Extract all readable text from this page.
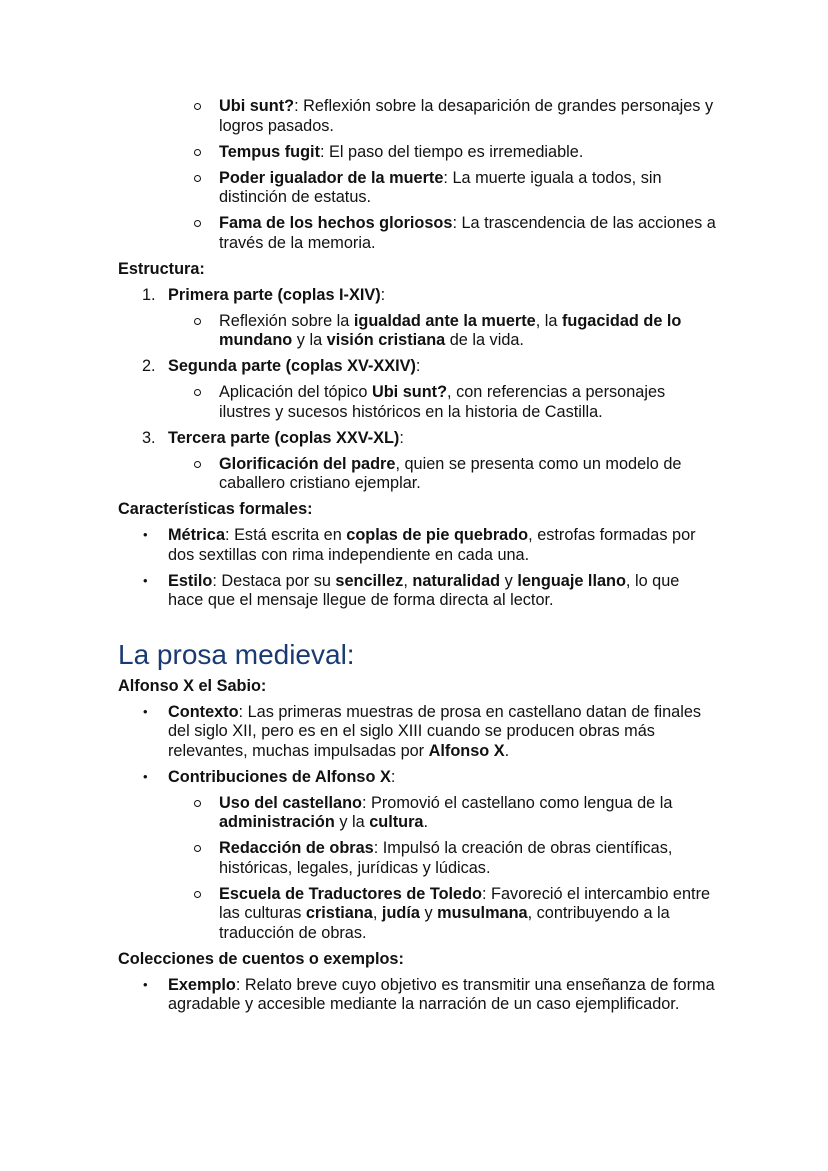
Ubi sunt?: Reflexión sobre la desaparición de grandes personajes y logros pasados.
Tempus fugit: El paso del tiempo es irremediable.
Poder igualador de la muerte: La muerte iguala a todos, sin distinción de estatus.
Fama de los hechos gloriosos: La trascendencia de las acciones a través de la memoria.
Estructura:
1. Primera parte (coplas I-XIV):
Reflexión sobre la igualdad ante la muerte, la fugacidad de lo mundano y la visión cristiana de la vida.
2. Segunda parte (coplas XV-XXIV):
Aplicación del tópico Ubi sunt?, con referencias a personajes ilustres y sucesos históricos en la historia de Castilla.
3. Tercera parte (coplas XXV-XL):
Glorificación del padre, quien se presenta como un modelo de caballero cristiano ejemplar.
Características formales:
• Métrica: Está escrita en coplas de pie quebrado, estrofas formadas por dos sextillas con rima independiente en cada una.
• Estilo: Destaca por su sencillez, naturalidad y lenguaje llano, lo que hace que el mensaje llegue de forma directa al lector.
La prosa medieval:
Alfonso X el Sabio:
• Contexto: Las primeras muestras de prosa en castellano datan de finales del siglo XII, pero es en el siglo XIII cuando se producen obras más relevantes, muchas impulsadas por Alfonso X.
• Contribuciones de Alfonso X:
Uso del castellano: Promovió el castellano como lengua de la administración y la cultura.
Redacción de obras: Impulsó la creación de obras científicas, históricas, legales, jurídicas y lúdicas.
Escuela de Traductores de Toledo: Favoreció el intercambio entre las culturas cristiana, judía y musulmana, contribuyendo a la traducción de obras.
Colecciones de cuentos o exemplos:
• Exemplo: Relato breve cuyo objetivo es transmitir una enseñanza de forma agradable y accesible mediante la narración de un caso ejemplificador.
